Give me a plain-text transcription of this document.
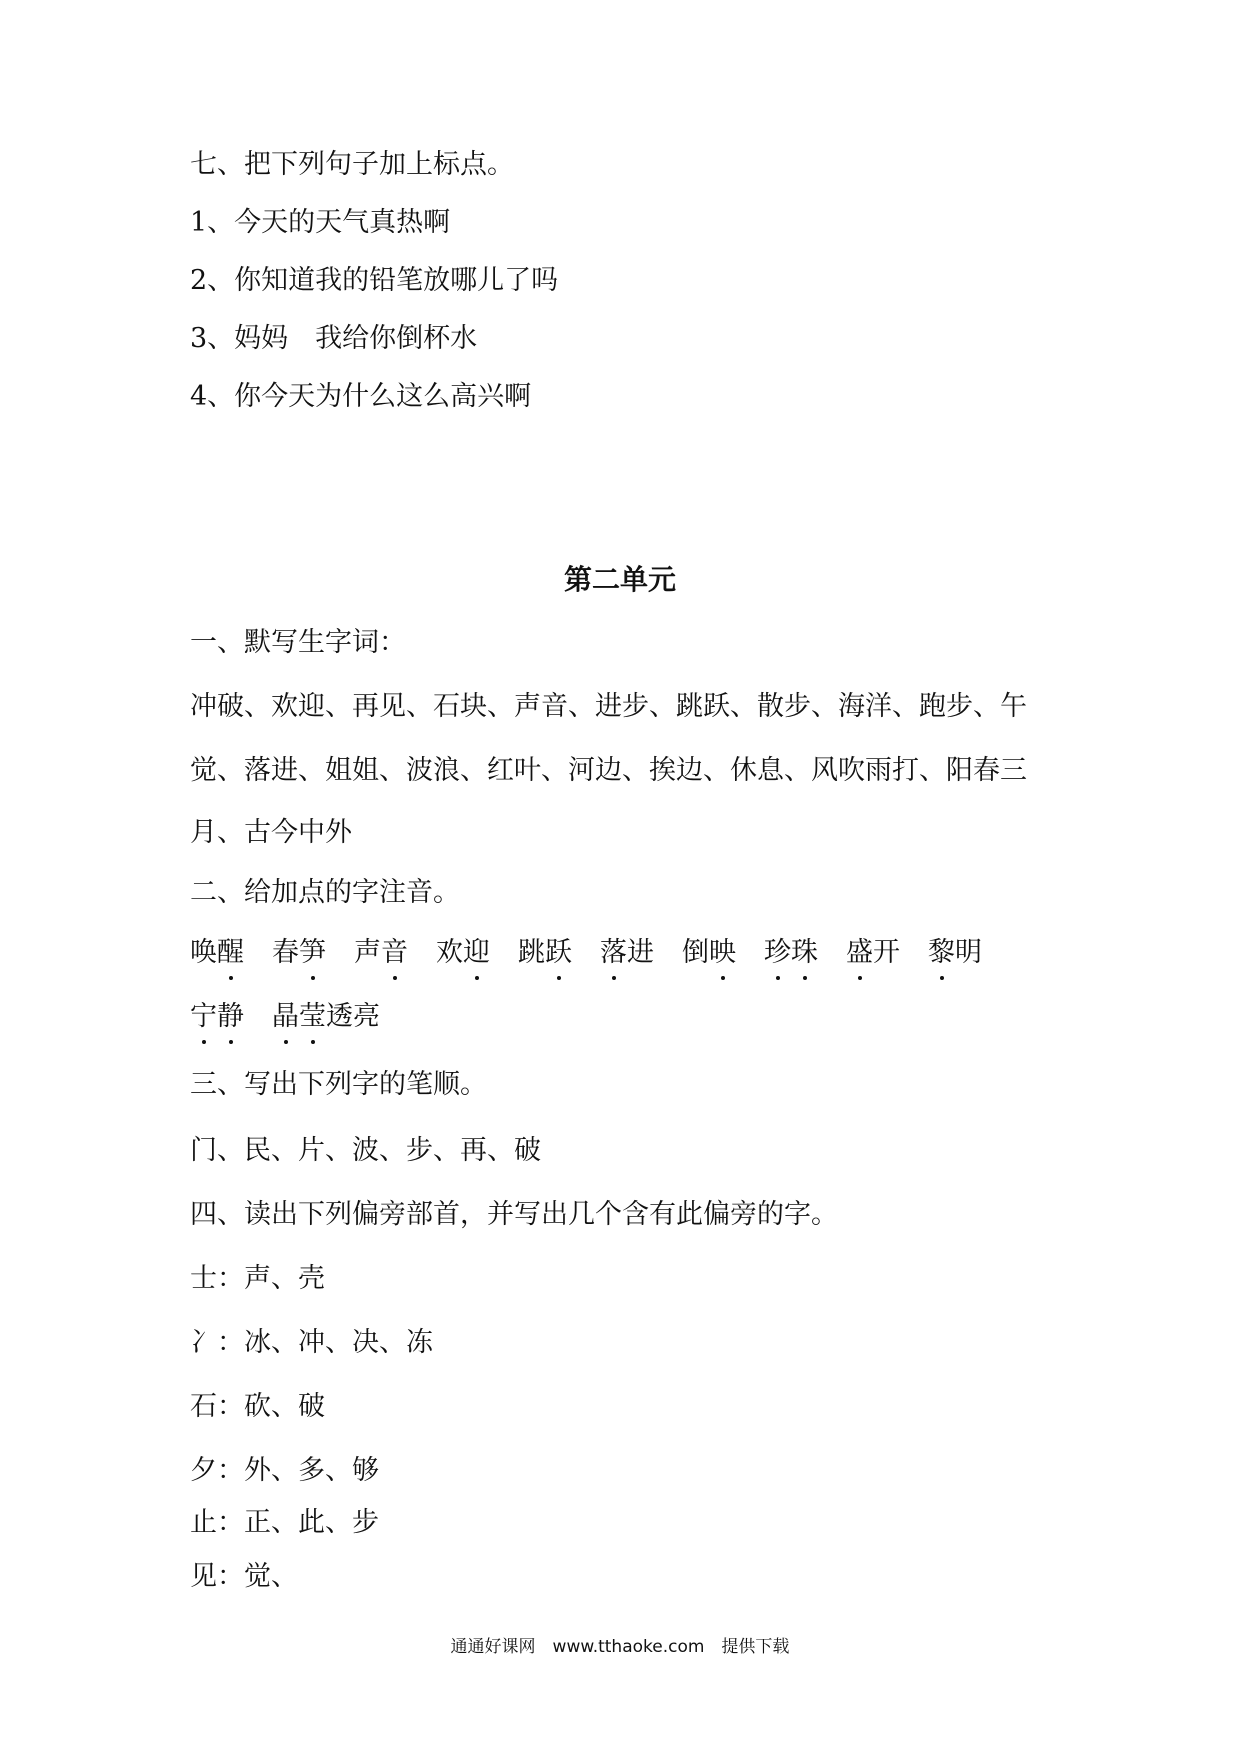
七、把下列句子加上标点。
1、今天的天气真热啊
2、你知道我的铅笔放哪儿了吗
3、妈妈　我给你倒杯水
4、你今天为什么这么高兴啊
第二单元
一、默写生字词：
冲破、欢迎、再见、石块、声音、进步、跳跃、散步、海洋、跑步、午
觉、落进、姐姐、波浪、红叶、河边、挨边、休息、风吹雨打、阳春三
月、古今中外
二、给加点的字注音。
唤醒 春笋 声音 欢迎 跳跃 落进 倒映 珍珠 盛开 黎明
宁静 晶莹透亮
三、写出下列字的笔顺。
门、民、片、波、步、再、破
四、读出下列偏旁部首，并写出几个含有此偏旁的字。
士：声、壳
冫：冰、冲、决、冻
石：砍、破
夕：外、多、够
止：正、此、步
见：觉、
通通好课网　www.tthaoke.com　提供下载
